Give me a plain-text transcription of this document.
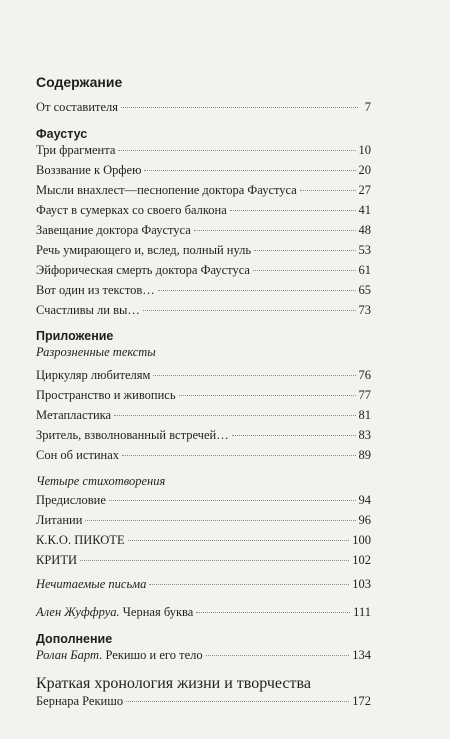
Содержание
От составителя	7
Фаустус
Три фрагмента	10
Воззвание к Орфею	20
Мысли внахлест—песнопение доктора Фаустуса	27
Фауст в сумерках со своего балкона	41
Завещание доктора Фаустуса	48
Речь умирающего и, вслед, полный нуль	53
Эйфорическая смерть доктора Фаустуса	61
Вот один из текстов…	65
Счастливы ли вы…	73
Приложение
Разрозненные тексты
Циркуляр любителям	76
Пространство и живопись	77
Метапластика	81
Зритель, взволнованный встречей…	83
Сон об истинах	89
Четыре стихотворения
Предисловие	94
Литании	96
К.К.О. ПИКОТЕ	100
КРИТИ	102
Нечитаемые письма	103
Ален Жуффруа. Черная буква	111
Дополнение
Ролан Барт. Рекишо и его тело	134
Краткая хронология жизни и творчества
Бернара Рекишо	172
